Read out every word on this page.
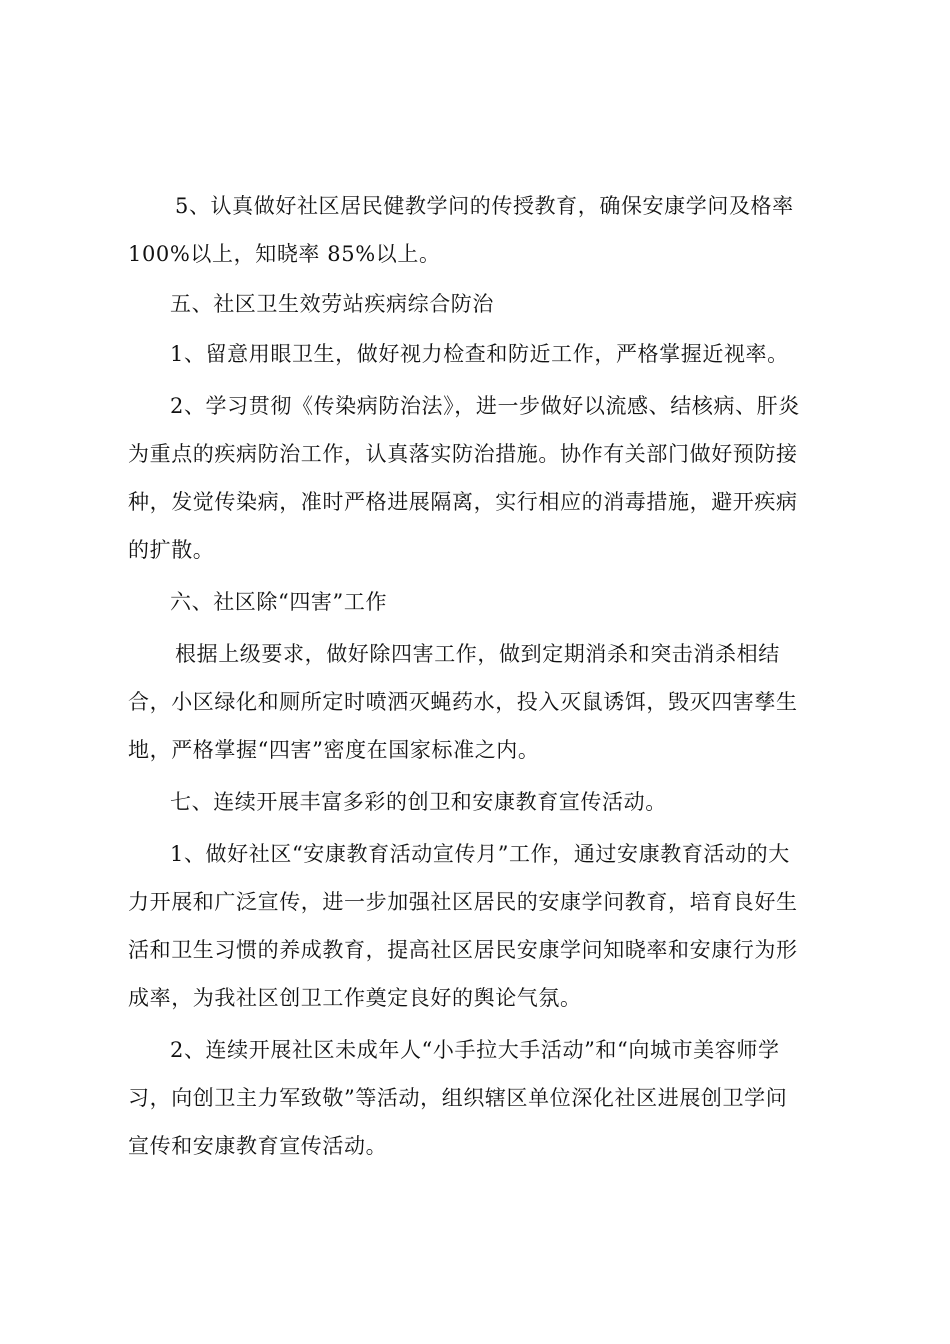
5、认真做好社区居民健教学问的传授教育，确保安康学问及格率
100%以上，知晓率 85%以上。
五、社区卫生效劳站疾病综合防治
1、留意用眼卫生，做好视力检查和防近工作，严格掌握近视率。
2、学习贯彻《传染病防治法》，进一步做好以流感、结核病、肝炎
为重点的疾病防治工作，认真落实防治措施。协作有关部门做好预防接
种，发觉传染病，准时严格进展隔离，实行相应的消毒措施，避开疾病
的扩散。
六、社区除“四害”工作
根据上级要求，做好除四害工作，做到定期消杀和突击消杀相结
合，小区绿化和厕所定时喷洒灭蝇药水，投入灭鼠诱饵，毁灭四害孳生
地，严格掌握“四害”密度在国家标准之内。
七、连续开展丰富多彩的创卫和安康教育宣传活动。
1、做好社区“安康教育活动宣传月”工作，通过安康教育活动的大
力开展和广泛宣传，进一步加强社区居民的安康学问教育，培育良好生
活和卫生习惯的养成教育，提高社区居民安康学问知晓率和安康行为形
成率，为我社区创卫工作奠定良好的舆论气氛。
2、连续开展社区未成年人“小手拉大手活动”和“向城市美容师学
习，向创卫主力军致敬”等活动，组织辖区单位深化社区进展创卫学问
宣传和安康教育宣传活动。
